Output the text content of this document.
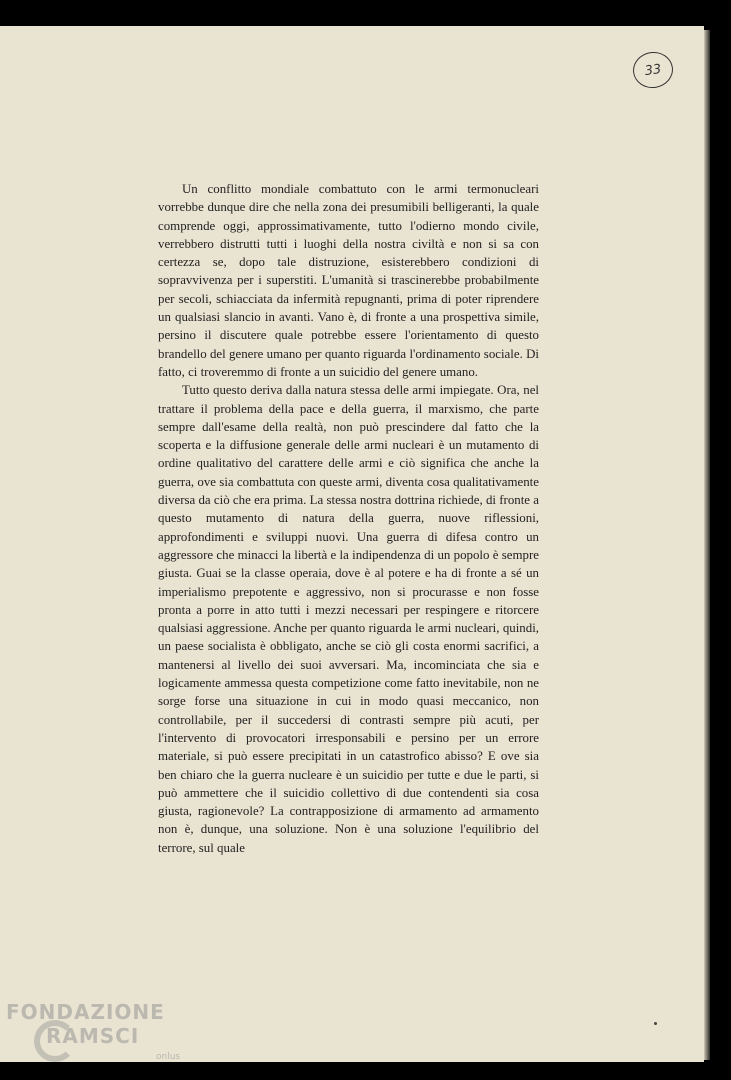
33

Un conflitto mondiale combattuto con le armi termonucleari vorrebbe dunque dire che nella zona dei presumibili belligeranti, la quale comprende oggi, approssimativamente, tutto l'odierno mondo civile, verrebbero distrutti tutti i luoghi della nostra civiltà e non si sa con certezza se, dopo tale distruzione, esisterebbero condizioni di sopravvivenza per i superstiti. L'umanità si trascinerebbe probabilmente per secoli, schiacciata da infermità repugnanti, prima di poter riprendere un qualsiasi slancio in avanti. Vano è, di fronte a una prospettiva simile, persino il discutere quale potrebbe essere l'orientamento di questo brandello del genere umano per quanto riguarda l'ordinamento sociale. Di fatto, ci troveremmo di fronte a un suicidio del genere umano.

Tutto questo deriva dalla natura stessa delle armi impiegate. Ora, nel trattare il problema della pace e della guerra, il marxismo, che parte sempre dall'esame della realtà, non può prescindere dal fatto che la scoperta e la diffusione generale delle armi nucleari è un mutamento di ordine qualitativo del carattere delle armi e ciò significa che anche la guerra, ove sia combattuta con queste armi, diventa cosa qualitativamente diversa da ciò che era prima. La stessa nostra dottrina richiede, di fronte a questo mutamento di natura della guerra, nuove riflessioni, approfondimenti e sviluppi nuovi. Una guerra di difesa contro un aggressore che minacci la libertà e la indipendenza di un popolo è sempre giusta. Guai se la classe operaia, dove è al potere e ha di fronte a sé un imperialismo prepotente e aggressivo, non si procurasse e non fosse pronta a porre in atto tutti i mezzi necessari per respingere e ritorcere qualsiasi aggressione. Anche per quanto riguarda le armi nucleari, quindi, un paese socialista è obbligato, anche se ciò gli costa enormi sacrifici, a mantenersi al livello dei suoi avversari. Ma, incominciata che sia e logicamente ammessa questa competizione come fatto inevitabile, non ne sorge forse una situazione in cui in modo quasi meccanico, non controllabile, per il succedersi di contrasti sempre più acuti, per l'intervento di provocatori irresponsabili e persino per un errore materiale, si può essere precipitati in un catastrofico abisso? E ove sia ben chiaro che la guerra nucleare è un suicidio per tutte e due le parti, si può ammettere che il suicidio collettivo di due contendenti sia cosa giusta, ragionevole? La contrapposizione di armamento ad armamento non è, dunque, una soluzione. Non è una soluzione l'equilibrio del terrore, sul quale

FONDAZIONE
RAMSCI
onlus
